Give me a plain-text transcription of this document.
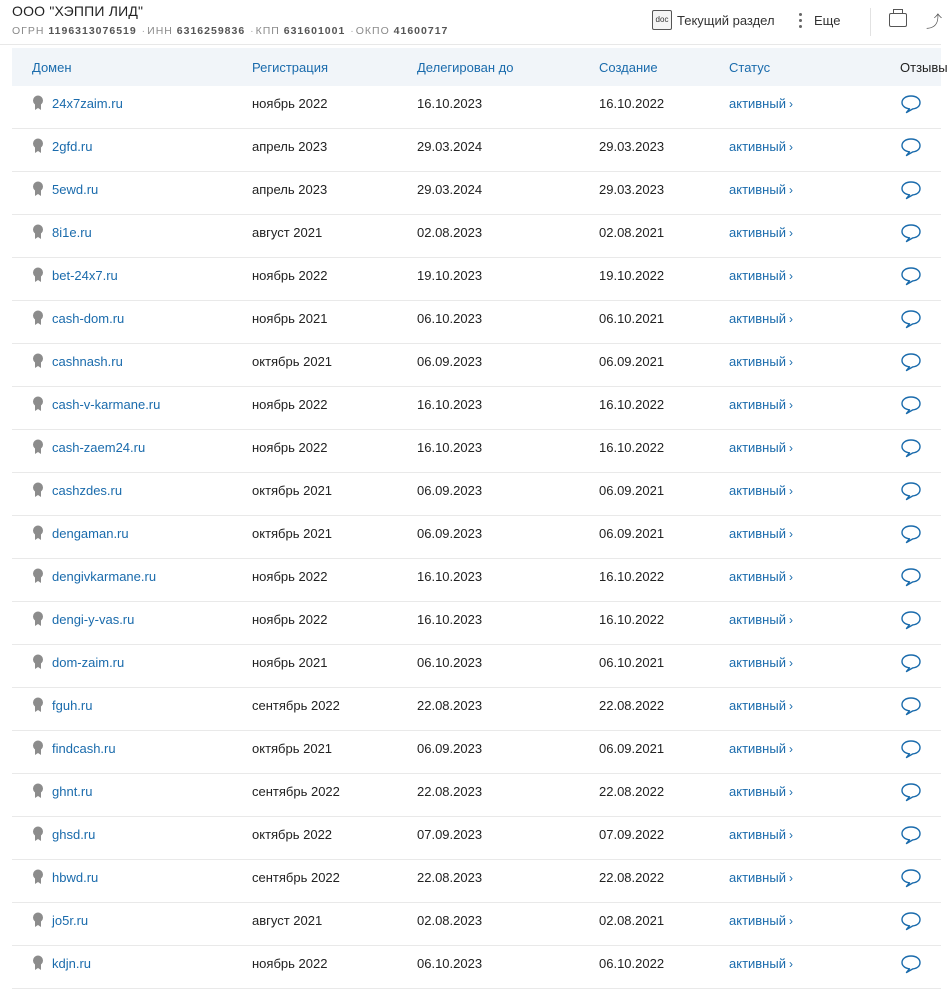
ООО "ХЭППИ ЛИД"
ОГРН 1196313076519 ·ИНН 6316259836 ·КПП 631601001 ·ОКПО 41600717
doc Текущий раздел	Еще	⤴
Домен	Регистрация	Делегирован до	Создание	Статус	Отзывы
24x7zaim.ru	ноябрь 2022	16.10.2023	16.10.2022	активный ›
2gfd.ru	апрель 2023	29.03.2024	29.03.2023	активный ›
5ewd.ru	апрель 2023	29.03.2024	29.03.2023	активный ›
8i1e.ru	август 2021	02.08.2023	02.08.2021	активный ›
bet-24x7.ru	ноябрь 2022	19.10.2023	19.10.2022	активный ›
cash-dom.ru	ноябрь 2021	06.10.2023	06.10.2021	активный ›
cashnash.ru	октябрь 2021	06.09.2023	06.09.2021	активный ›
cash-v-karmane.ru	ноябрь 2022	16.10.2023	16.10.2022	активный ›
cash-zaem24.ru	ноябрь 2022	16.10.2023	16.10.2022	активный ›
cashzdes.ru	октябрь 2021	06.09.2023	06.09.2021	активный ›
dengaman.ru	октябрь 2021	06.09.2023	06.09.2021	активный ›
dengivkarmane.ru	ноябрь 2022	16.10.2023	16.10.2022	активный ›
dengi-y-vas.ru	ноябрь 2022	16.10.2023	16.10.2022	активный ›
dom-zaim.ru	ноябрь 2021	06.10.2023	06.10.2021	активный ›
fguh.ru	сентябрь 2022	22.08.2023	22.08.2022	активный ›
findcash.ru	октябрь 2021	06.09.2023	06.09.2021	активный ›
ghnt.ru	сентябрь 2022	22.08.2023	22.08.2022	активный ›
ghsd.ru	октябрь 2022	07.09.2023	07.09.2022	активный ›
hbwd.ru	сентябрь 2022	22.08.2023	22.08.2022	активный ›
jo5r.ru	август 2021	02.08.2023	02.08.2021	активный ›
kdjn.ru	ноябрь 2022	06.10.2023	06.10.2022	активный ›
